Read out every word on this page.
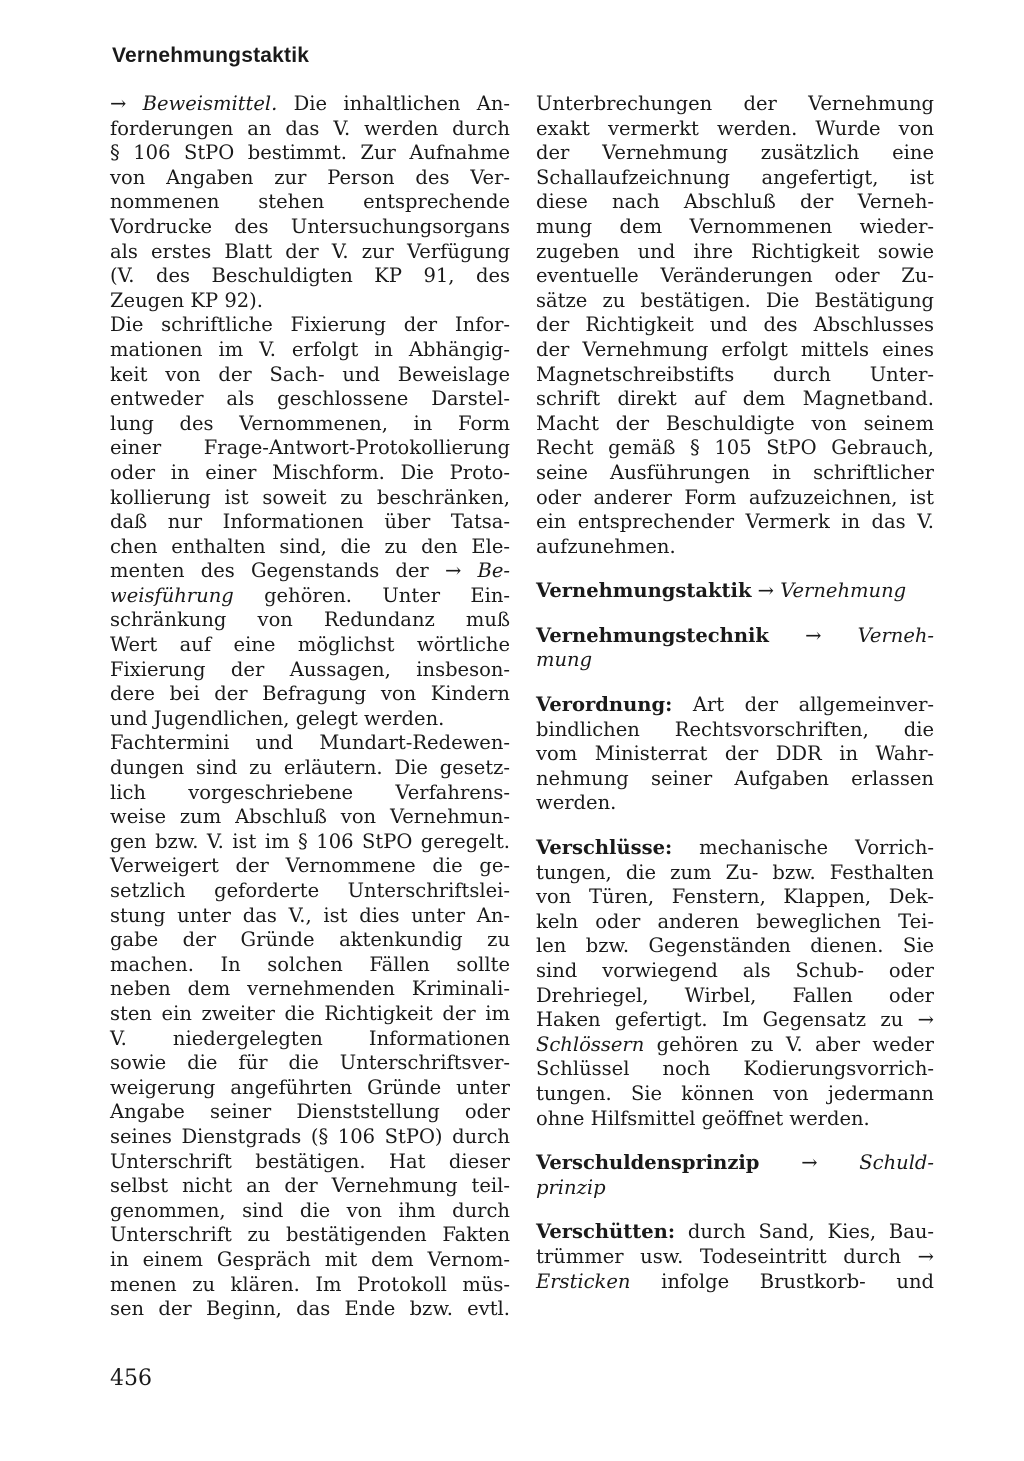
Vernehmungstaktik
→ Beweismittel. Die inhaltlichen An-
forderungen an das V. werden durch
§ 106 StPO bestimmt. Zur Aufnahme
von Angaben zur Person des Ver-
nommenen stehen entsprechende
Vordrucke des Untersuchungsorgans
als erstes Blatt der V. zur Verfügung
(V. des Beschuldigten KP 91, des
Zeugen KP 92).
Die schriftliche Fixierung der Infor-
mationen im V. erfolgt in Abhängig-
keit von der Sach- und Beweislage
entweder als geschlossene Darstel-
lung des Vernommenen, in Form
einer Frage-Antwort-Protokollierung
oder in einer Mischform. Die Proto-
kollierung ist soweit zu beschränken,
daß nur Informationen über Tatsa-
chen enthalten sind, die zu den Ele-
menten des Gegenstands der → Be-
weisführung gehören. Unter Ein-
schränkung von Redundanz muß
Wert auf eine möglichst wörtliche
Fixierung der Aussagen, insbeson-
dere bei der Befragung von Kindern
und Jugendlichen, gelegt werden.
Fachtermini und Mundart-Redewen-
dungen sind zu erläutern. Die gesetz-
lich vorgeschriebene Verfahrens-
weise zum Abschluß von Vernehmun-
gen bzw. V. ist im § 106 StPO geregelt.
Verweigert der Vernommene die ge-
setzlich geforderte Unterschriftslei-
stung unter das V., ist dies unter An-
gabe der Gründe aktenkundig zu
machen. In solchen Fällen sollte
neben dem vernehmenden Kriminali-
sten ein zweiter die Richtigkeit der im
V. niedergelegten Informationen
sowie die für die Unterschriftsver-
weigerung angeführten Gründe unter
Angabe seiner Dienststellung oder
seines Dienstgrads (§ 106 StPO) durch
Unterschrift bestätigen. Hat dieser
selbst nicht an der Vernehmung teil-
genommen, sind die von ihm durch
Unterschrift zu bestätigenden Fakten
in einem Gespräch mit dem Vernom-
menen zu klären. Im Protokoll müs-
sen der Beginn, das Ende bzw. evtl.
Unterbrechungen der Vernehmung
exakt vermerkt werden. Wurde von
der Vernehmung zusätzlich eine
Schallaufzeichnung angefertigt, ist
diese nach Abschluß der Verneh-
mung dem Vernommenen wieder-
zugeben und ihre Richtigkeit sowie
eventuelle Veränderungen oder Zu-
sätze zu bestätigen. Die Bestätigung
der Richtigkeit und des Abschlusses
der Vernehmung erfolgt mittels eines
Magnetschreibstifts durch Unter-
schrift direkt auf dem Magnetband.
Macht der Beschuldigte von seinem
Recht gemäß § 105 StPO Gebrauch,
seine Ausführungen in schriftlicher
oder anderer Form aufzuzeichnen, ist
ein entsprechender Vermerk in das V.
aufzunehmen.
Vernehmungstaktik → Vernehmung
Vernehmungstechnik → Verneh-
mung
Verordnung: Art der allgemeinver-
bindlichen Rechtsvorschriften, die
vom Ministerrat der DDR in Wahr-
nehmung seiner Aufgaben erlassen
werden.
Verschlüsse: mechanische Vorrich-
tungen, die zum Zu- bzw. Festhalten
von Türen, Fenstern, Klappen, Dek-
keln oder anderen beweglichen Tei-
len bzw. Gegenständen dienen. Sie
sind vorwiegend als Schub- oder
Drehriegel, Wirbel, Fallen oder
Haken gefertigt. Im Gegensatz zu →
Schlössern gehören zu V. aber weder
Schlüssel noch Kodierungsvorrich-
tungen. Sie können von jedermann
ohne Hilfsmittel geöffnet werden.
Verschuldensprinzip → Schuld-
prinzip
Verschütten: durch Sand, Kies, Bau-
trümmer usw. Todeseintritt durch →
Ersticken infolge Brustkorb- und
456
